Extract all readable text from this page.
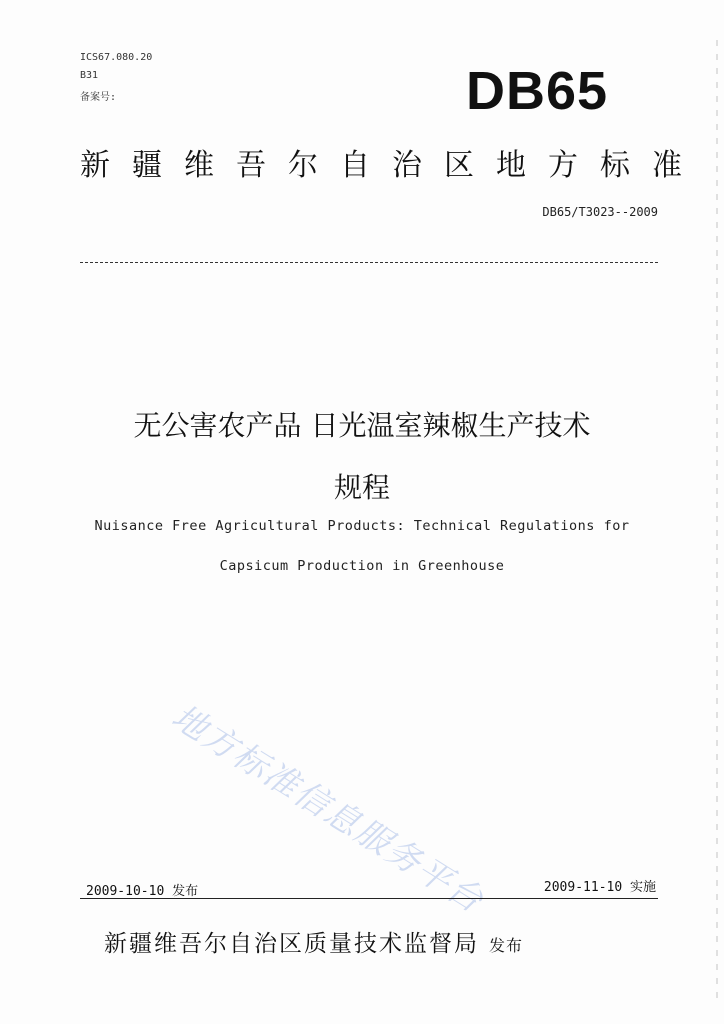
ICS67.080.20
B31
备案号:	DB65
新疆维吾尔自治区地方标准
DB65/T3023--2009
无公害农产品 日光温室辣椒生产技术
规程
Nuisance Free Agricultural Products: Technical Regulations for
Capsicum Production in Greenhouse
地方标准信息服务平台
2009-10-10 发布	2009-11-10 实施
新疆维吾尔自治区质量技术监督局 发布
